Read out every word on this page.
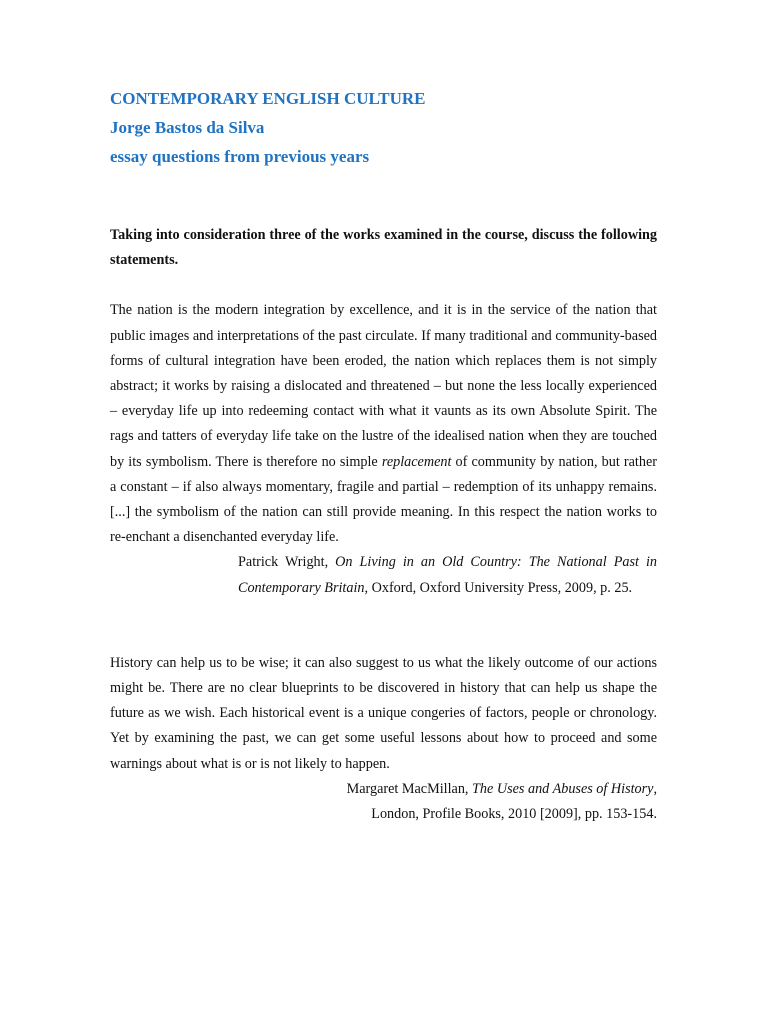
CONTEMPORARY ENGLISH CULTURE

Jorge Bastos da Silva

essay questions from previous years

Taking into consideration three of the works examined in the course, discuss the following statements.

The nation is the modern integration by excellence, and it is in the service of the nation that public images and interpretations of the past circulate. If many traditional and community-based forms of cultural integration have been eroded, the nation which replaces them is not simply abstract; it works by raising a dislocated and threatened – but none the less locally experienced – everyday life up into redeeming contact with what it vaunts as its own Absolute Spirit. The rags and tatters of everyday life take on the lustre of the idealised nation when they are touched by its symbolism. There is therefore no simple replacement of community by nation, but rather a constant – if also always momentary, fragile and partial – redemption of its unhappy remains. [...] the symbolism of the nation can still provide meaning. In this respect the nation works to re-enchant a disenchanted everyday life.

Patrick Wright, On Living in an Old Country: The National Past in Contemporary Britain, Oxford, Oxford University Press, 2009, p. 25.

History can help us to be wise; it can also suggest to us what the likely outcome of our actions might be. There are no clear blueprints to be discovered in history that can help us shape the future as we wish. Each historical event is a unique congeries of factors, people or chronology. Yet by examining the past, we can get some useful lessons about how to proceed and some warnings about what is or is not likely to happen.

Margaret MacMillan, The Uses and Abuses of History,
London, Profile Books, 2010 [2009], pp. 153-154.
